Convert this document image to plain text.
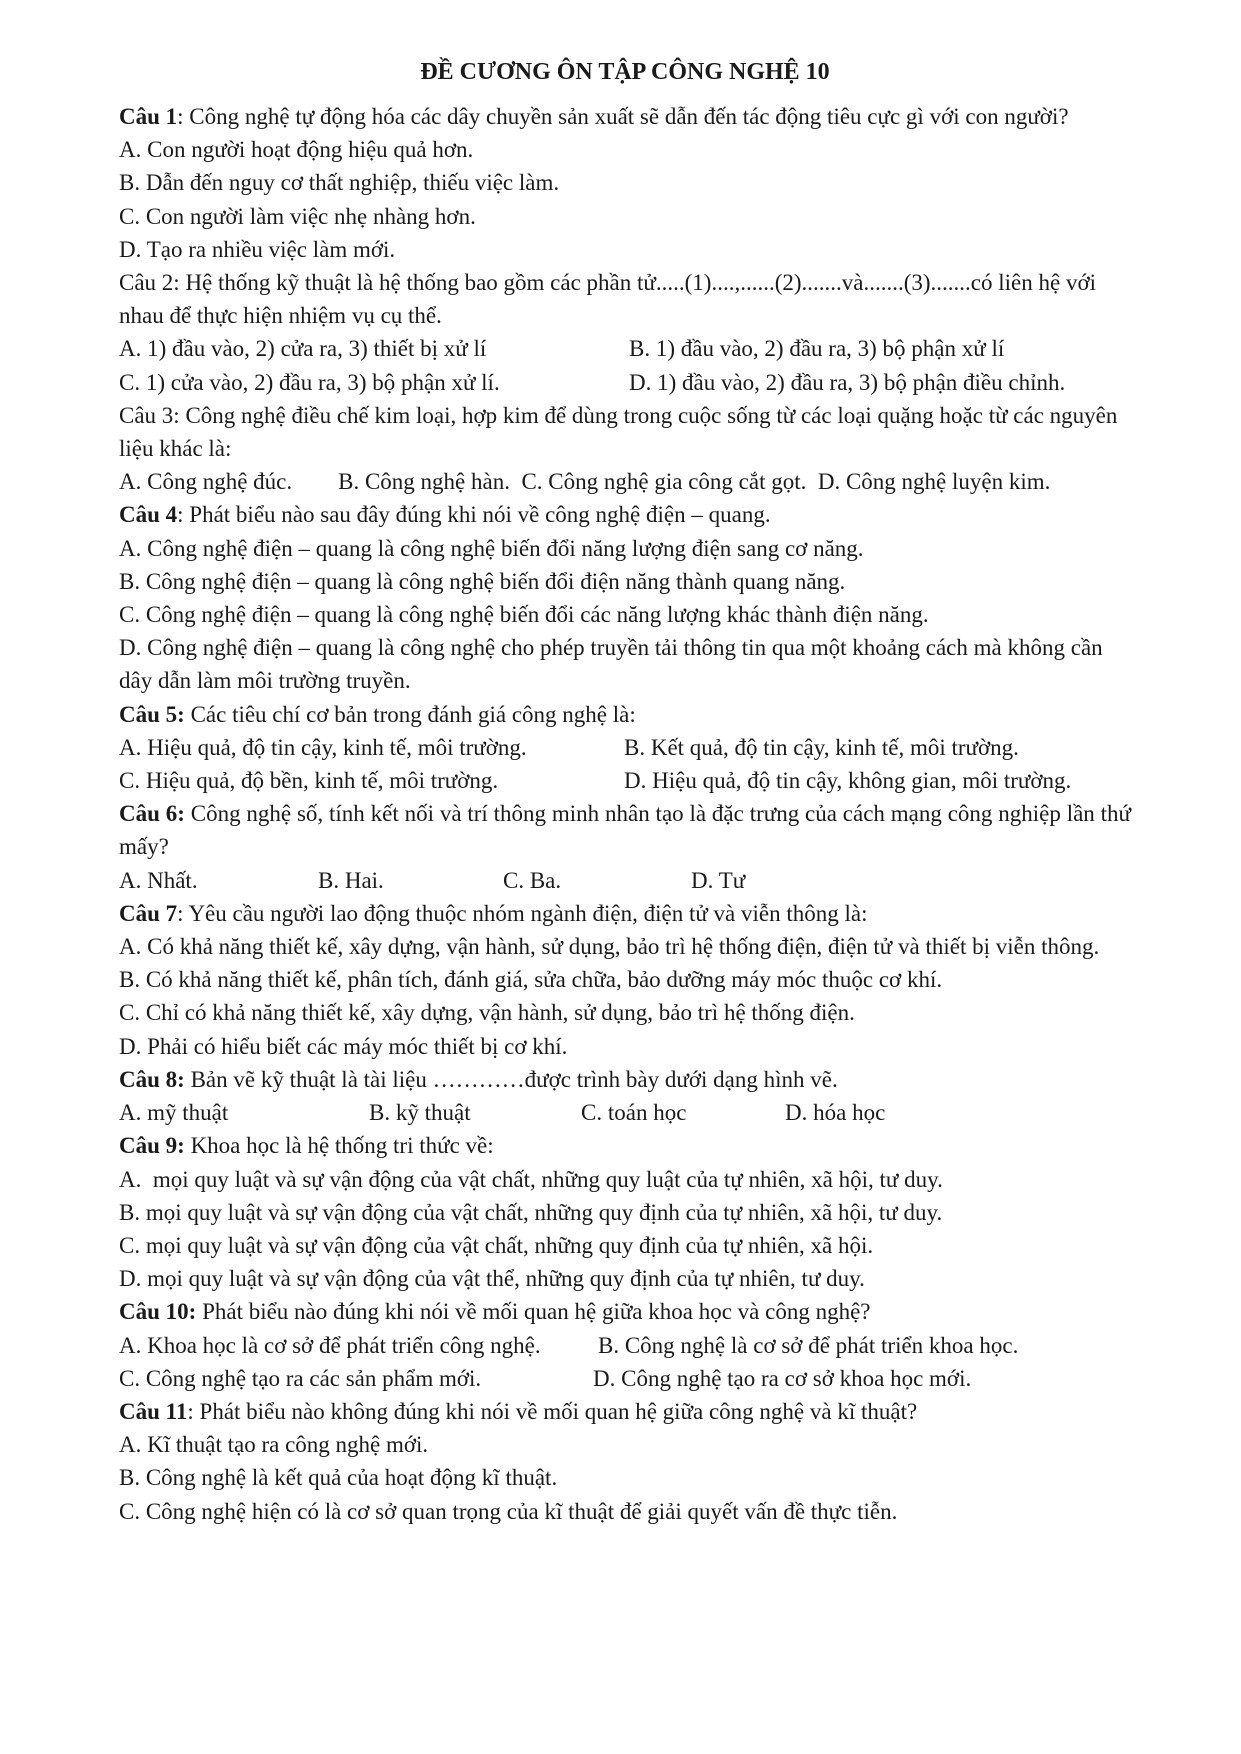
ĐỀ CƯƠNG ÔN TẬP CÔNG NGHỆ 10
Câu 1: Công nghệ tự động hóa các dây chuyền sản xuất sẽ dẫn đến tác động tiêu cực gì với con người?
A. Con người hoạt động hiệu quả hơn.
B. Dẫn đến nguy cơ thất nghiệp, thiếu việc làm.
C. Con người làm việc nhẹ nhàng hơn.
D. Tạo ra nhiều việc làm mới.
Câu 2: Hệ thống kỹ thuật là hệ thống bao gồm các phần tử.....(1)....,......(2).......và.......(3).......có liên hệ với nhau để thực hiện nhiệm vụ cụ thể.
A. 1) đầu vào, 2) cửa ra, 3) thiết bị xử lí	B. 1) đầu vào, 2) đầu ra, 3) bộ phận xử lí
C. 1) cửa vào, 2) đầu ra, 3) bộ phận xử lí.	D. 1) đầu vào, 2) đầu ra, 3) bộ phận điều chỉnh.
Câu 3: Công nghệ điều chế kim loại, hợp kim để dùng trong cuộc sống từ các loại quặng hoặc từ các nguyên liệu khác là:
A. Công nghệ đúc.        B. Công nghệ hàn.  C. Công nghệ gia công cắt gọt.  D. Công nghệ luyện kim.
Câu 4: Phát biểu nào sau đây đúng khi nói về công nghệ điện – quang.
A. Công nghệ điện – quang là công nghệ biến đổi năng lượng điện sang cơ năng.
B. Công nghệ điện – quang là công nghệ biến đổi điện năng thành quang năng.
C. Công nghệ điện – quang là công nghệ biến đổi các năng lượng khác thành điện năng.
D. Công nghệ điện – quang là công nghệ cho phép truyền tải thông tin qua một khoảng cách mà không cần dây dẫn làm môi trường truyền.
Câu 5: Các tiêu chí cơ bản trong đánh giá công nghệ là:
A. Hiệu quả, độ tin cậy, kinh tế, môi trường.	B. Kết quả, độ tin cậy, kinh tế, môi trường.
C. Hiệu quả, độ bền, kinh tế, môi trường.	D. Hiệu quả, độ tin cậy, không gian, môi trường.
Câu 6: Công nghệ số, tính kết nối và trí thông minh nhân tạo là đặc trưng của cách mạng công nghiệp lần thứ mấy?
A. Nhất.	B. Hai.	C. Ba.	D. Tư
Câu 7: Yêu cầu người lao động thuộc nhóm ngành điện, điện tử và viễn thông là:
A. Có khả năng thiết kế, xây dựng, vận hành, sử dụng, bảo trì hệ thống điện, điện tử và thiết bị viễn thông.
B. Có khả năng thiết kế, phân tích, đánh giá, sửa chữa, bảo dưỡng máy móc thuộc cơ khí.
C. Chỉ có khả năng thiết kế, xây dựng, vận hành, sử dụng, bảo trì hệ thống điện.
D. Phải có hiểu biết các máy móc thiết bị cơ khí.
Câu 8: Bản vẽ kỹ thuật là tài liệu …………được trình bày dưới dạng hình vẽ.
A. mỹ thuật	B. kỹ thuật	C. toán học	D. hóa học
Câu 9: Khoa học là hệ thống tri thức về:
A.  mọi quy luật và sự vận động của vật chất, những quy luật của tự nhiên, xã hội, tư duy.
B. mọi quy luật và sự vận động của vật chất, những quy định của tự nhiên, xã hội, tư duy.
C. mọi quy luật và sự vận động của vật chất, những quy định của tự nhiên, xã hội.
D. mọi quy luật và sự vận động của vật thể, những quy định của tự nhiên, tư duy.
Câu 10: Phát biểu nào đúng khi nói về mối quan hệ giữa khoa học và công nghệ?
A. Khoa học là cơ sở để phát triển công nghệ.	B. Công nghệ là cơ sở để phát triển khoa học.
C. Công nghệ tạo ra các sản phẩm mới.	D. Công nghệ tạo ra cơ sở khoa học mới.
Câu 11: Phát biểu nào không đúng khi nói về mối quan hệ giữa công nghệ và kĩ thuật?
A. Kĩ thuật tạo ra công nghệ mới.
B. Công nghệ là kết quả của hoạt động kĩ thuật.
C. Công nghệ hiện có là cơ sở quan trọng của kĩ thuật để giải quyết vấn đề thực tiễn.
